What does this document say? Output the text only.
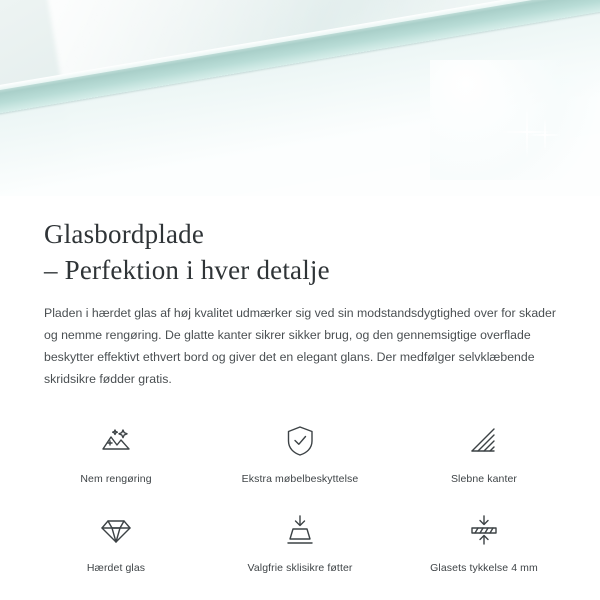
Glasbordplade
– Perfektion i hver detalje

Pladen i hærdet glas af høj kvalitet udmærker sig ved sin modstandsdygtighed over for skader og nemme rengøring. De glatte kanter sikrer sikker brug, og den gennemsigtige overflade beskytter effektivt ethvert bord og giver det en elegant glans. Der medfølger selvklæbende skridsikre fødder gratis.

Nem rengøring	Ekstra møbelbeskyttelse	Slebne kanter
Hærdet glas	Valgfrie sklisikre føtter	Glasets tykkelse 4 mm
